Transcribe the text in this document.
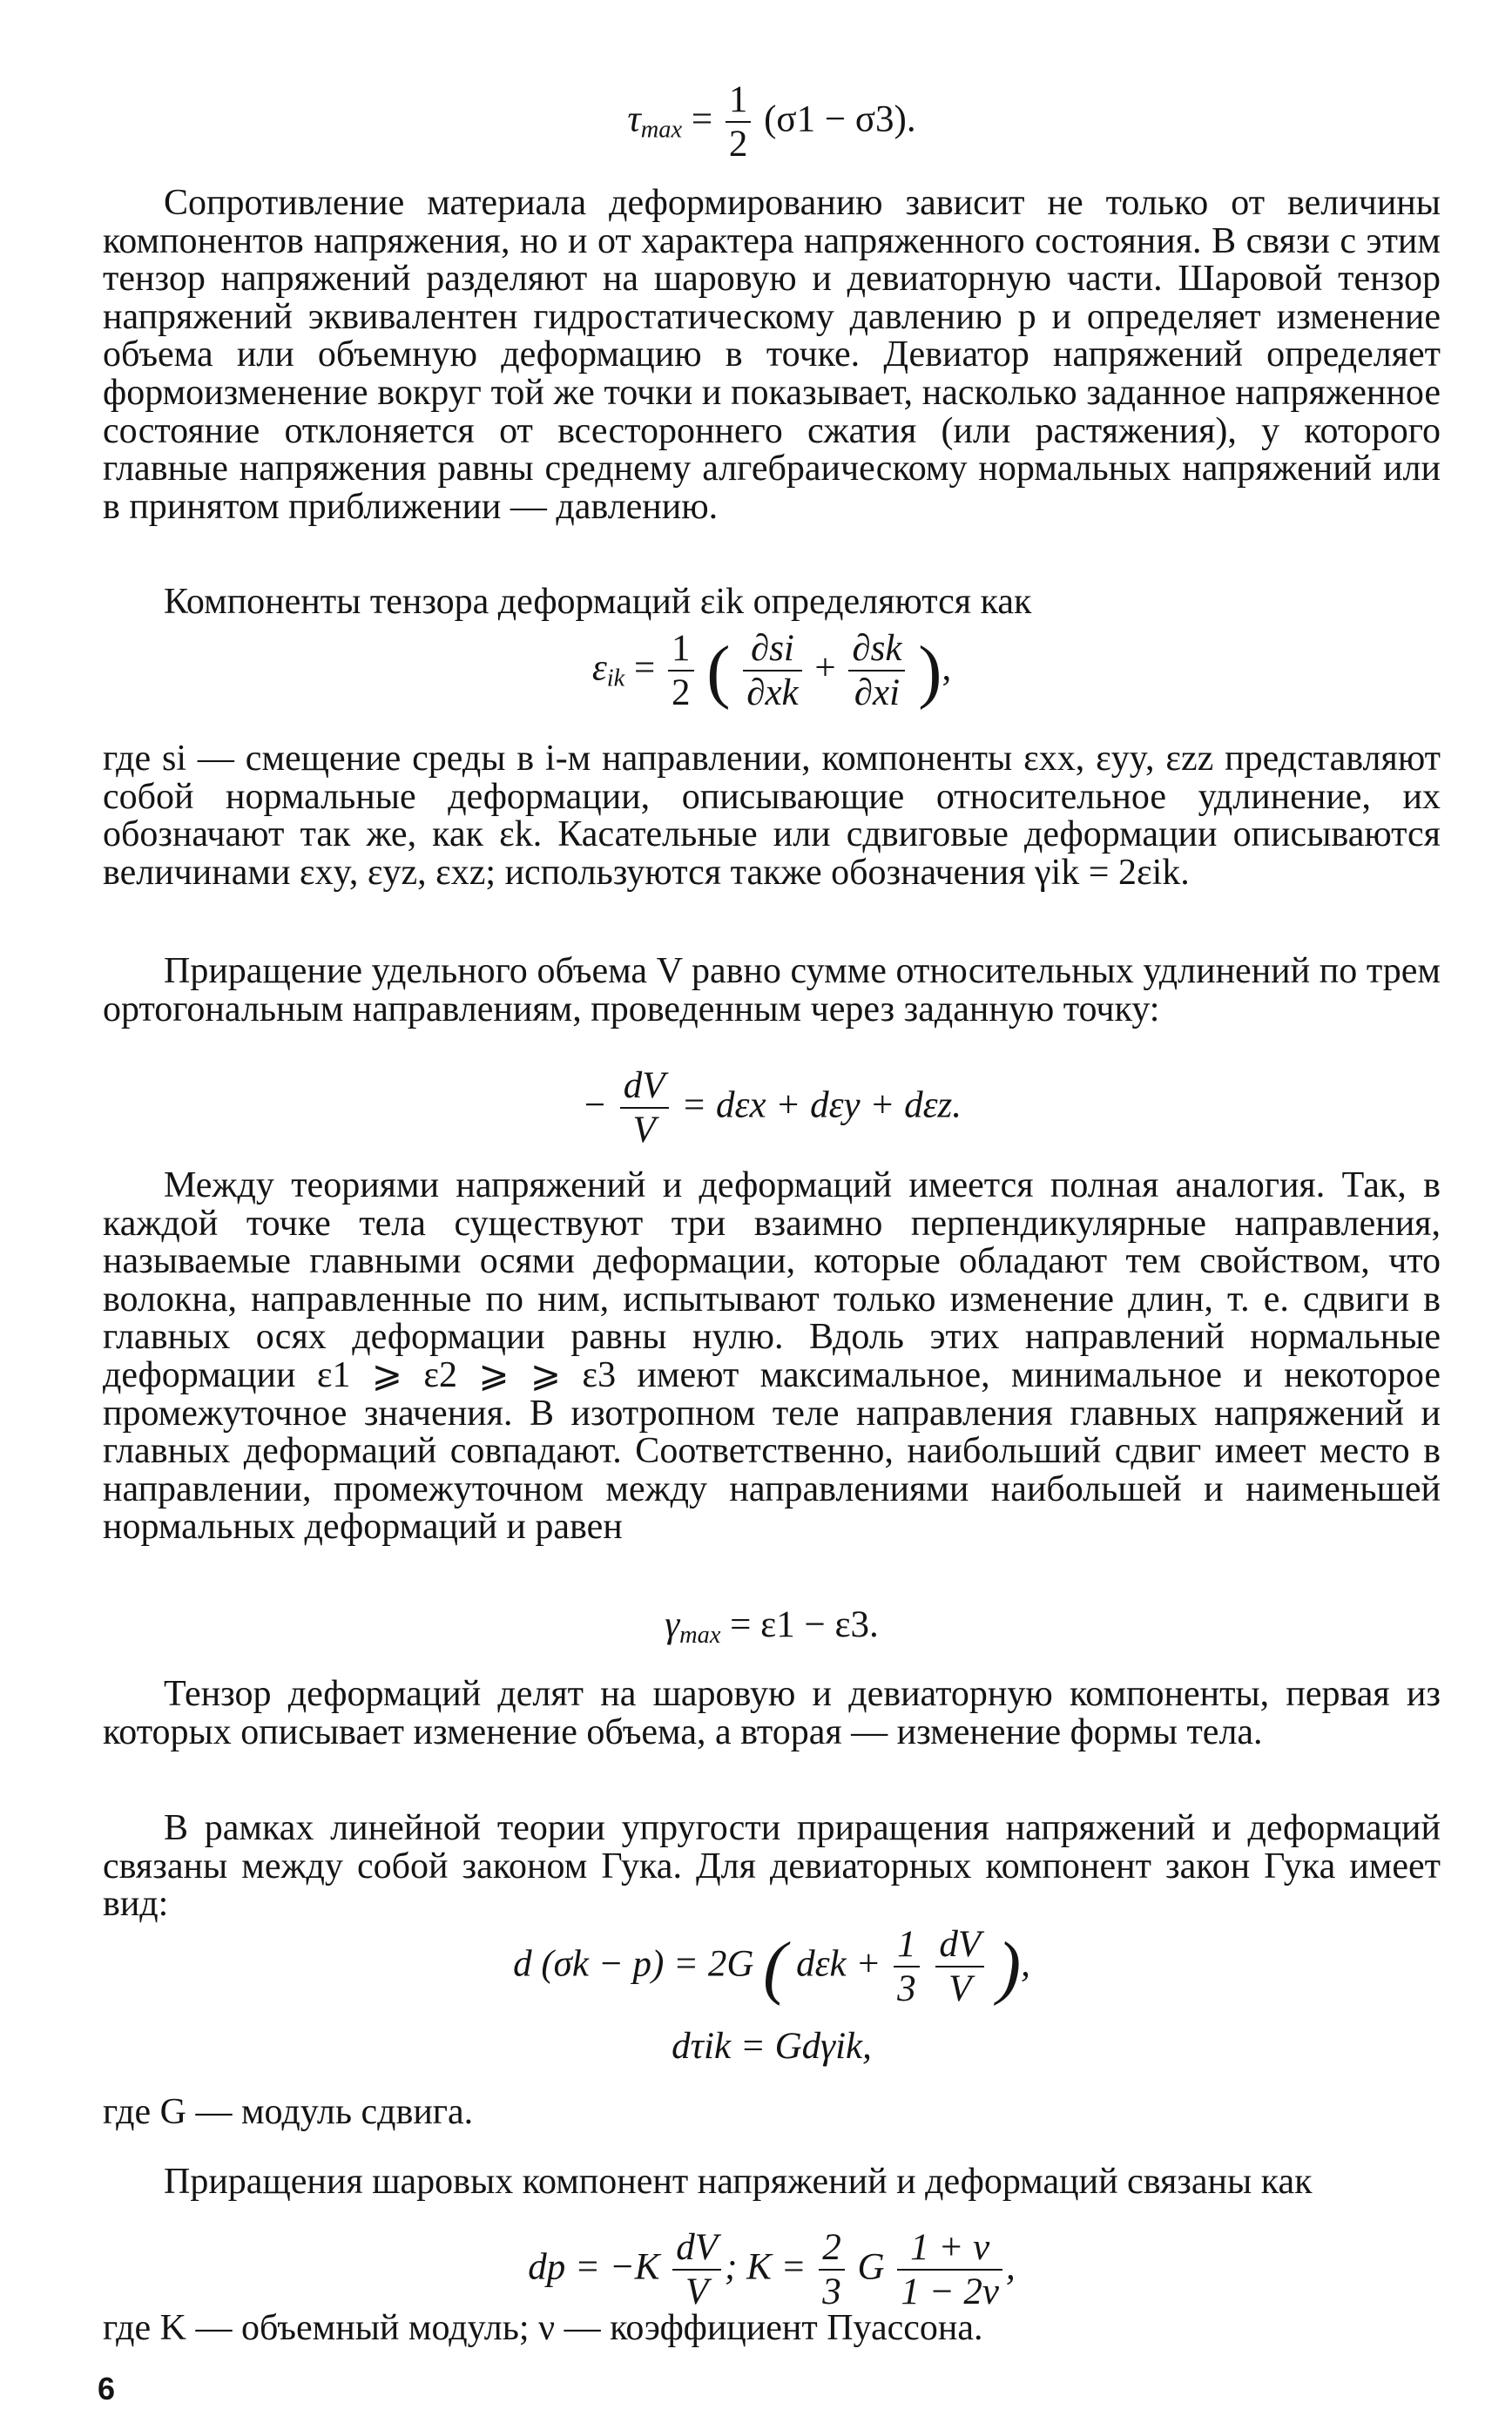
$\tau_{max} = \frac{1}{2} (\sigma 1 - \sigma 3)$.

Сопротивление материала деформированию зависит не только от величины компонентов напряжения, но и от характера напряженного состояния. В связи с этим тензор напряжений разделяют на шаровую и девиаторную части. Шаровой тензор напряжений эквивалентен гидростатическому давлению p и определяет изменение объема или объемную деформацию в точке. Девиатор напряжений определяет формоизменение вокруг той же точки и показывает, насколько заданное напряженное состояние отклоняется от всестороннего сжатия (или растяжения), у которого главные напряжения равны среднему алгебраическому нормальных напряжений или в принятом приближении — давлению.

Компоненты тензора деформаций εik определяются как

$\varepsilon_{ik} = \frac{1}{2}$ ( $\frac{\partial si}{\partial xk} + \frac{\partial sk}{\partial xi}$ ),

где si — смещение среды в i-м направлении, компоненты εxx, εyy, εzz представляют собой нормальные деформации, описывающие относительное удлинение, их обозначают так же, как εk. Касательные или сдвиговые деформации описываются величинами εxy, εyz, εxz; используются также обозначения γik = 2εik.

Приращение удельного объема V равно сумме относительных удлинений по трем ортогональным направлениям, проведенным через заданную точку:

− $\frac{dV}{V} = d\varepsilon x + d\varepsilon y + d\varepsilon z$.

Между теориями напряжений и деформаций имеется полная аналогия. Так, в каждой точке тела существуют три взаимно перпендикулярные направления, называемые главными осями деформации, которые обладают тем свойством, что волокна, направленные по ним, испытывают только изменение длин, т. е. сдвиги в главных осях деформации равны нулю. Вдоль этих направлений нормальные деформации ε1 ⩾ ε2 ⩾ ⩾ ε3 имеют максимальное, минимальное и некоторое промежуточное значения. В изотропном теле направления главных напряжений и главных деформаций совпадают. Соответственно, наибольший сдвиг имеет место в направлении, промежуточном между направлениями наибольшей и наименьшей нормальных деформаций и равен

$\gamma_{max} = \varepsilon 1 - \varepsilon 3$.

Тензор деформаций делят на шаровую и девиаторную компоненты, первая из которых описывает изменение объема, а вторая — изменение формы тела.

В рамках линейной теории упругости приращения напряжений и деформаций связаны между собой законом Гука. Для девиаторных компонент закон Гука имеет вид:

d (σk − p) = 2G ( $d\varepsilon k + \frac{1}{3}$
$\frac{dV}{V}$ ),
dτik = Gdγik,

где G — модуль сдвига.

Приращения шаровых компонент напряжений и деформаций связаны как

dp = $-K \frac{dV}{V}$ ; $K = \frac{2}{3}$ G $\frac{1 + \nu}{1 - 2\nu}$ ,

где K — объемный модуль; ν — коэффициент Пуассона.

6
